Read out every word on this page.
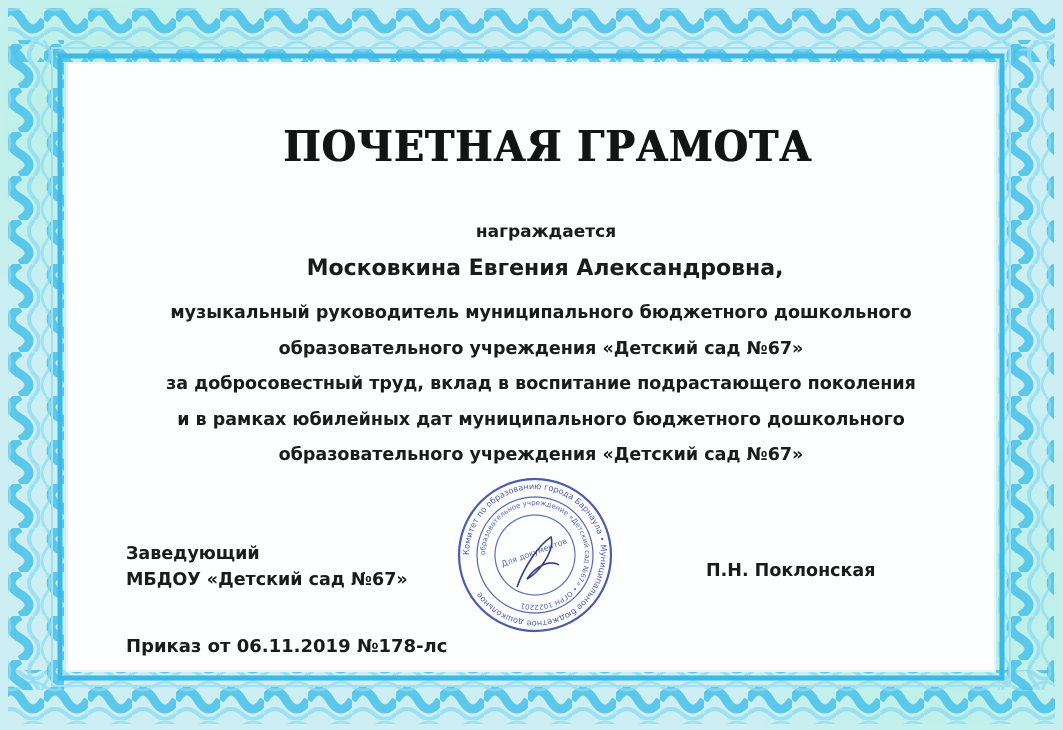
ПОЧЕТНАЯ ГРАМОТА
награждается
Московкина Евгения Александровна,
музыкальный руководитель муниципального бюджетного дошкольного
образовательного учреждения «Детский сад №67»
за добросовестный труд, вклад в воспитание подрастающего поколения
и в рамках юбилейных дат муниципального бюджетного дошкольного
образовательного учреждения «Детский сад №67»
Заведующий
МБДОУ «Детский сад №67»
Комитет по образованию города Барнаула • Муниципальное бюджетное дошкольное
образовательное учреждение «Детский сад №67» • ОГРН 1022201
Для документов
П.Н. Поклонская
Приказ от 06.11.2019 №178-лс
